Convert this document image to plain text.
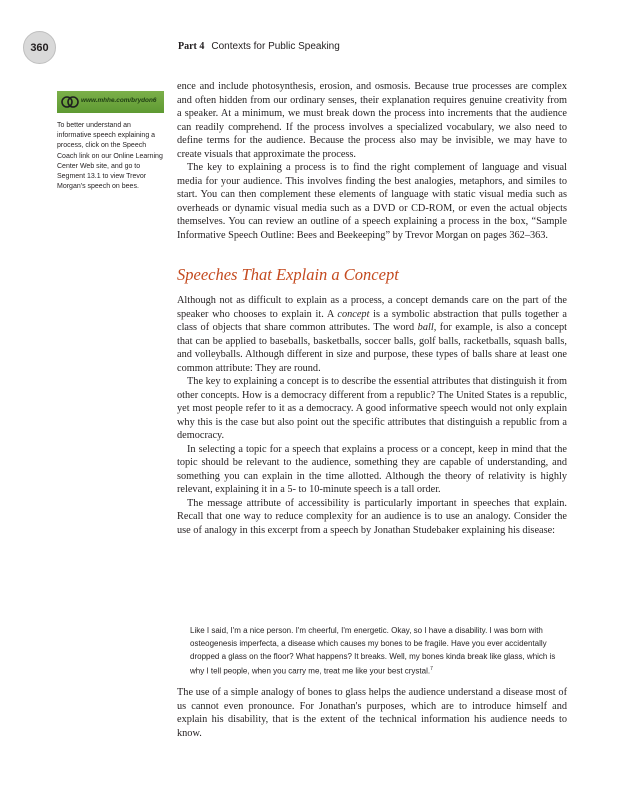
360	Part 4 Contexts for Public Speaking
www.mhhe.com/brydon6
To better understand an informative speech explaining a process, click on the Speech Coach link on our Online Learning Center Web site, and go to Segment 13.1 to view Trevor Morgan's speech on bees.

ence and include photosynthesis, erosion, and osmosis. Because true processes are complex and often hidden from our ordinary senses, their explanation requires genuine creativity from a speaker. At a minimum, we must break down the process into increments that the audience can readily comprehend. If the process involves a specialized vocabulary, we also need to define terms for the audience. Because the process also may be invisible, we may have to create visuals that approximate the process.

The key to explaining a process is to find the right complement of language and visual media for your audience. This involves finding the best analogies, metaphors, and similes to start. You can then complement these elements of language with static visual media such as overheads or dynamic visual media such as a DVD or CD-ROM, or even the actual objects themselves. You can review an outline of a speech explaining a process in the box, “Sample Informative Speech Outline: Bees and Beekeeping” by Trevor Morgan on pages 362–363.

Speeches That Explain a Concept

Although not as difficult to explain as a process, a concept demands care on the part of the speaker who chooses to explain it. A concept is a symbolic abstraction that pulls together a class of objects that share common attributes. The word ball, for example, is also a concept that can be applied to baseballs, basketballs, soccer balls, golf balls, racketballs, squash balls, and volleyballs. Although different in size and purpose, these types of balls share at least one common attribute: They are round.

The key to explaining a concept is to describe the essential attributes that distinguish it from other concepts. How is a democracy different from a republic? The United States is a republic, yet most people refer to it as a democracy. A good informative speech would not only explain why this is the case but also point out the specific attributes that distinguish a republic from a democracy.

In selecting a topic for a speech that explains a process or a concept, keep in mind that the topic should be relevant to the audience, something they are capable of understanding, and something you can explain in the time allotted. Although the theory of relativity is highly relevant, explaining it in a 5- to 10-minute speech is a tall order.

The message attribute of accessibility is particularly important in speeches that explain. Recall that one way to reduce complexity for an audience is to use an analogy. Consider the use of analogy in this excerpt from a speech by Jonathan Studebaker explaining his disease:

Like I said, I'm a nice person. I'm cheerful, I'm energetic. Okay, so I have a disability. I was born with osteogenesis imperfecta, a disease which causes my bones to be fragile. Have you ever accidentally dropped a glass on the floor? What happens? It breaks. Well, my bones kinda break like glass, which is why I tell people, when you carry me, treat me like your best crystal.$^7$

The use of a simple analogy of bones to glass helps the audience understand a disease most of us cannot even pronounce. For Jonathan's purposes, which are to introduce himself and explain his disability, that is the extent of the technical information his audience needs to know.
